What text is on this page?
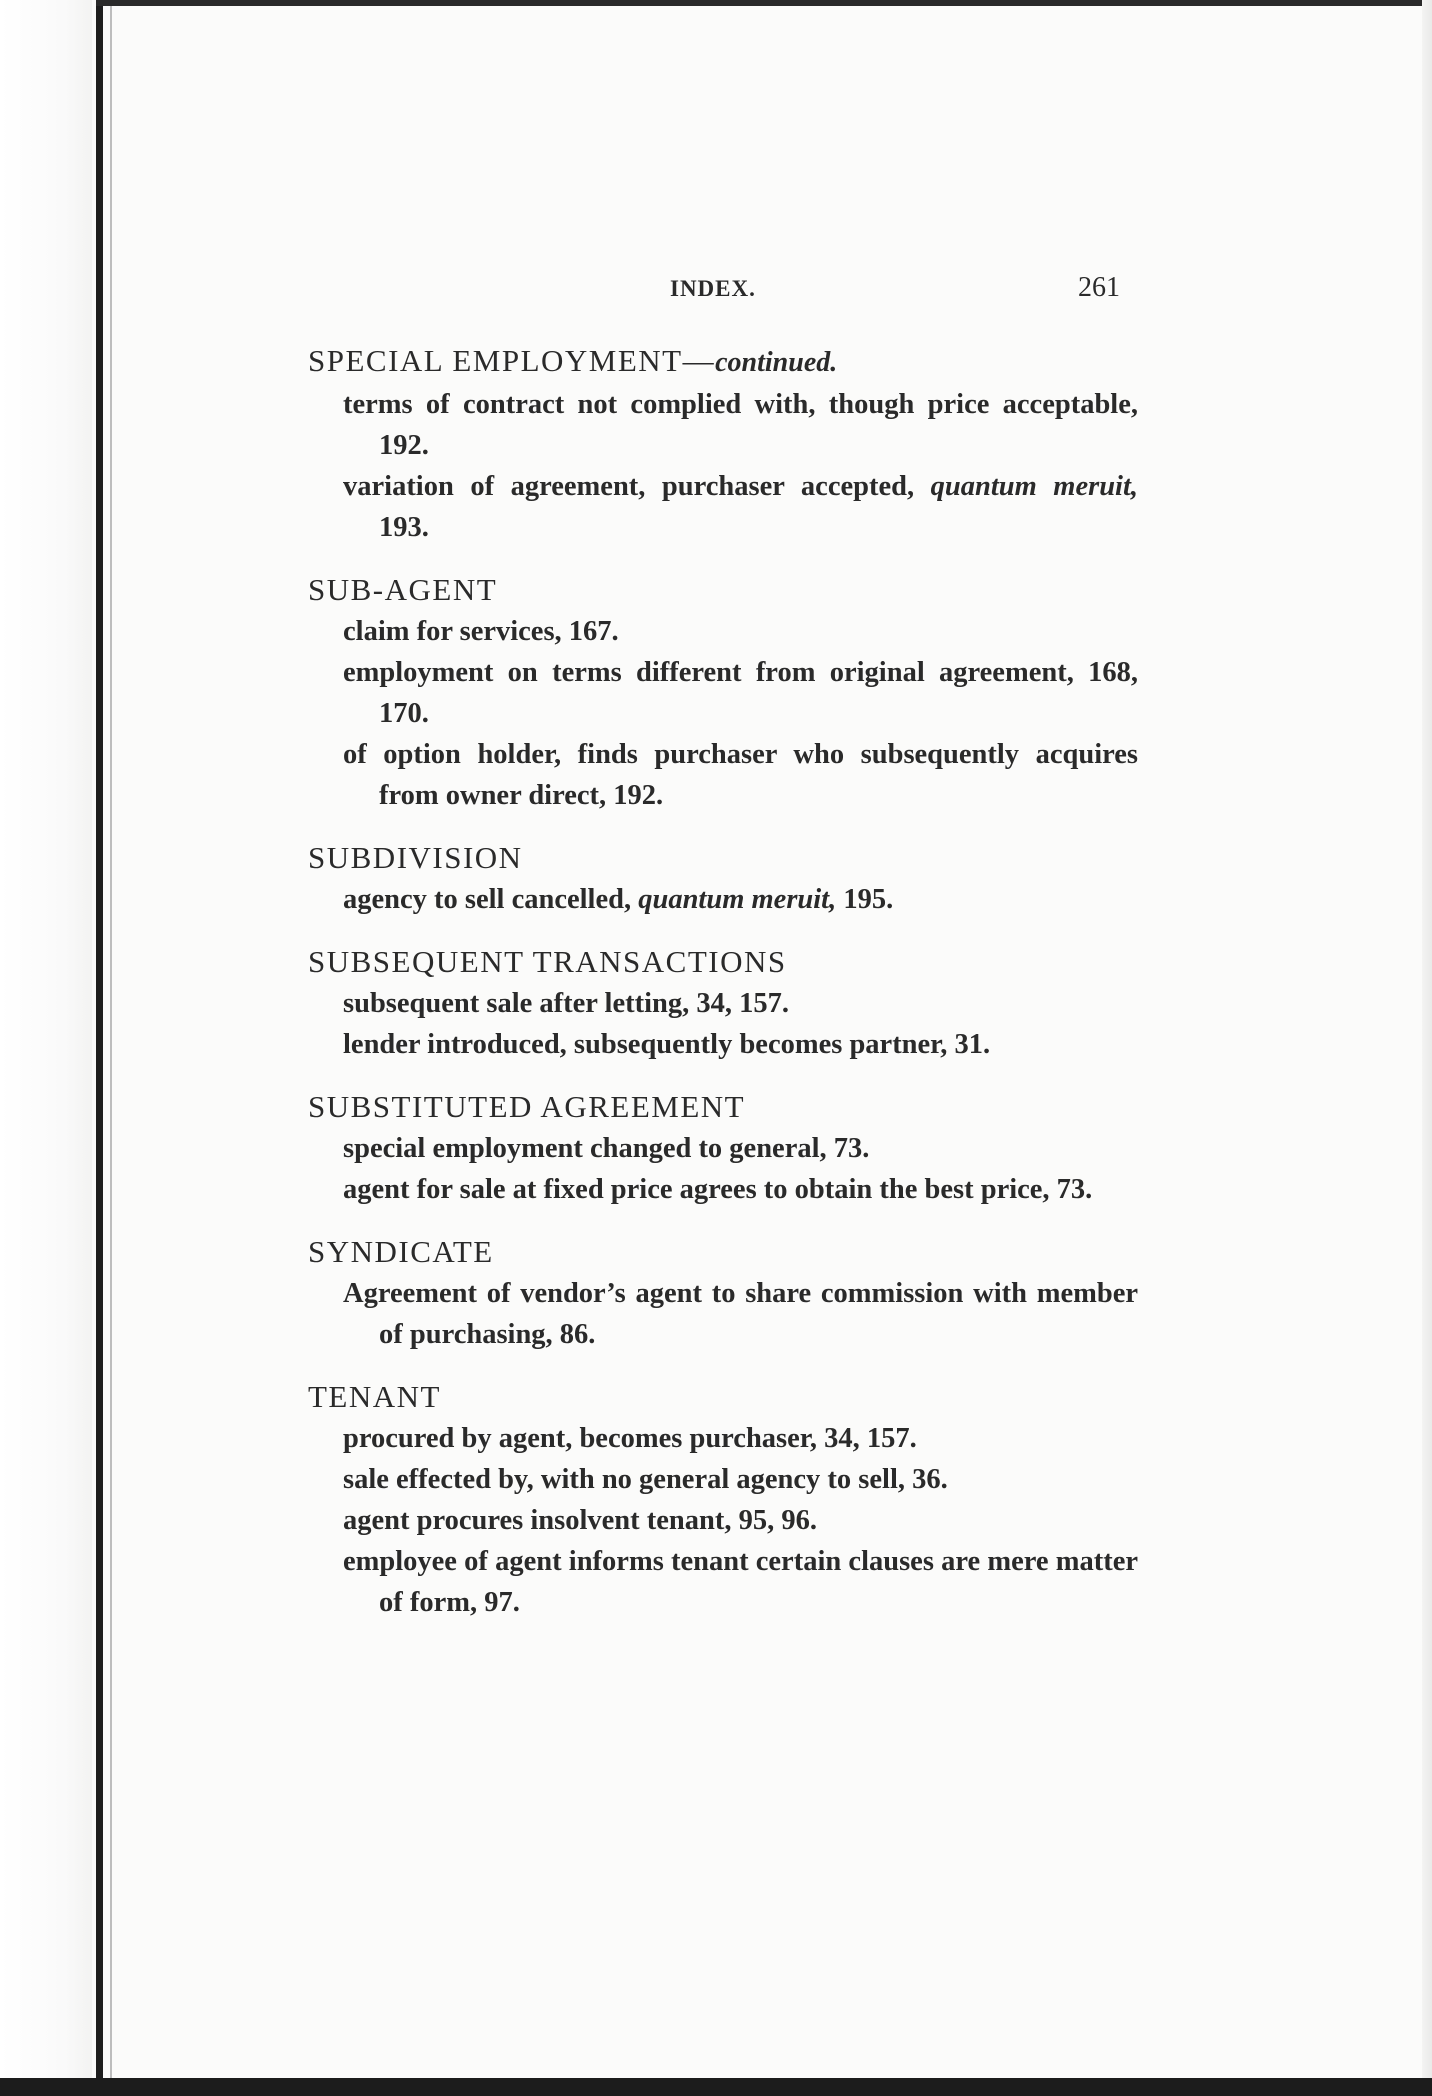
INDEX.	261
SPECIAL EMPLOYMENT—continued.
terms of contract not complied with, though price acceptable, 192.
variation of agreement, purchaser accepted, quantum meruit, 193.
SUB-AGENT
claim for services, 167.
employment on terms different from original agreement, 168, 170.
of option holder, finds purchaser who subsequently acquires from owner direct, 192.
SUBDIVISION
agency to sell cancelled, quantum meruit, 195.
SUBSEQUENT TRANSACTIONS
subsequent sale after letting, 34, 157.
lender introduced, subsequently becomes partner, 31.
SUBSTITUTED AGREEMENT
special employment changed to general, 73.
agent for sale at fixed price agrees to obtain the best price, 73.
SYNDICATE
Agreement of vendor’s agent to share commission with member of purchasing, 86.
TENANT
procured by agent, becomes purchaser, 34, 157.
sale effected by, with no general agency to sell, 36.
agent procures insolvent tenant, 95, 96.
employee of agent informs tenant certain clauses are mere matter of form, 97.
